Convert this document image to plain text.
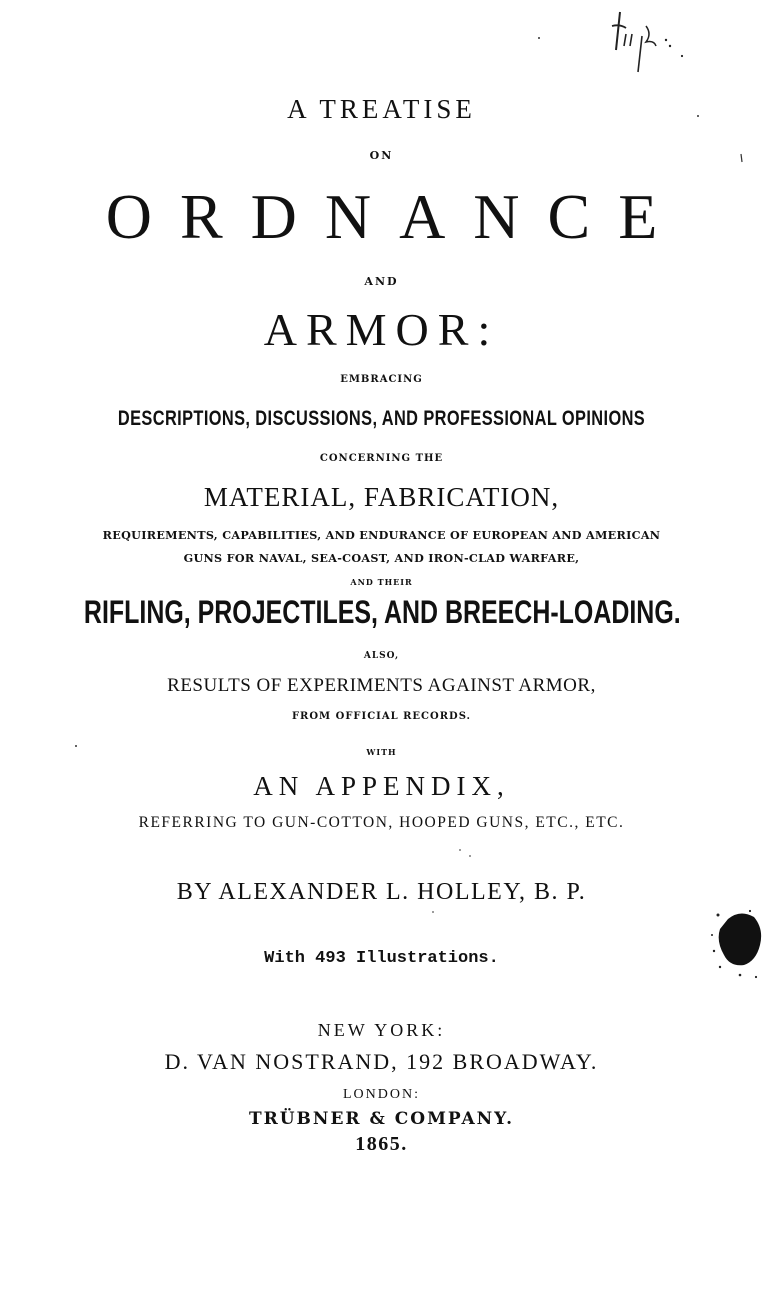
A TREATISE
ON
ORDNANCE
AND
ARMOR:
EMBRACING
DESCRIPTIONS, DISCUSSIONS, AND PROFESSIONAL OPINIONS
CONCERNING THE
MATERIAL, FABRICATION,
REQUIREMENTS, CAPABILITIES, AND ENDURANCE OF EUROPEAN AND AMERICAN
GUNS FOR NAVAL, SEA-COAST, AND IRON-CLAD WARFARE,
AND THEIR
RIFLING, PROJECTILES, AND BREECH-LOADING.
ALSO,
RESULTS OF EXPERIMENTS AGAINST ARMOR,
FROM OFFICIAL RECORDS.
WITH
AN APPENDIX,
REFERRING TO GUN-COTTON, HOOPED GUNS, ETC., ETC.
BY ALEXANDER L. HOLLEY, B. P.
With 493 Illustrations.
NEW YORK:
D. VAN NOSTRAND, 192 BROADWAY.
LONDON:
TRÜBNER & COMPANY.
1865.
